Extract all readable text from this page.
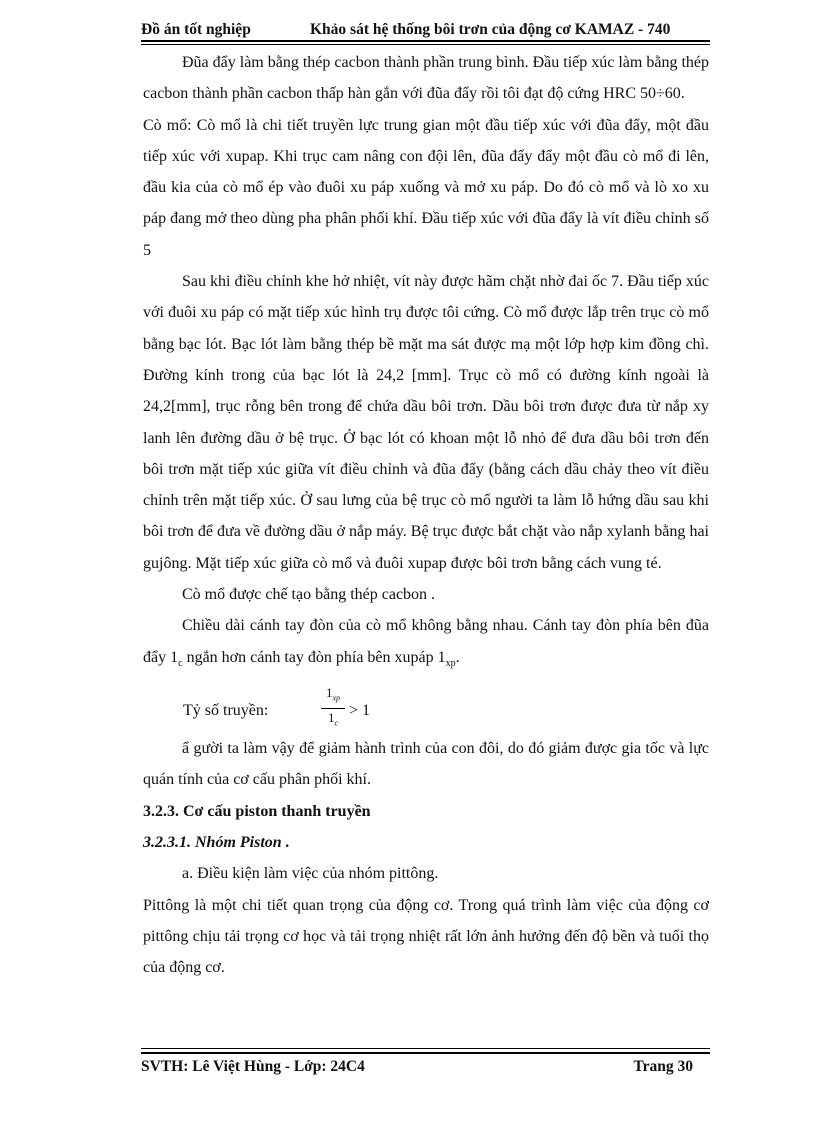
Đồ án tốt nghiệp	Khảo sát hệ thống bôi trơn của động cơ KAMAZ - 740

Đũa đẩy làm bằng thép cacbon thành phần trung bình. Đầu tiếp xúc làm bằng thép cacbon thành phần cacbon thấp hàn gắn với đũa đẩy rồi tôi đạt độ cứng HRC 50÷60.

Cò mổ: Cò mổ là chi tiết truyền lực trung gian một đầu tiếp xúc với đũa đẩy, một đầu tiếp xúc với xupap. Khi trục cam nâng con đội lên, đũa đẩy đẩy một đầu cò mổ đi lên, đầu kia của cò mổ ép vào đuôi xu páp xuống và mở xu páp. Do đó cò mổ và lò xo xu páp đang mở theo dùng pha phân phối khí. Đầu tiếp xúc với đũa đẩy là vít điều chỉnh số 5

Sau khi điều chỉnh khe hở nhiệt, vít này được hãm chặt nhờ đai ốc 7. Đầu tiếp xúc với đuôi xu páp có mặt tiếp xúc hình trụ được tôi cứng. Cò mổ được lắp trên trục cò mổ bằng bạc lót. Bạc lót làm bằng thép bề mặt ma sát được mạ một lớp hợp kim đồng chì. Đường kính trong của bạc lót là 24,2 [mm]. Trục cò mổ có đường kính ngoài là 24,2[mm], trục rỗng bên trong để chứa dầu bôi trơn. Dầu bôi trơn được đưa từ nắp xy lanh lên đường dầu ở bệ trục. Ở bạc lót có khoan một lỗ nhỏ để đưa dầu bôi trơn đến bôi trơn mặt tiếp xúc giữa vít điều chỉnh và đũa đẩy (bằng cách dầu chảy theo vít điều chỉnh trên mặt tiếp xúc. Ở sau lưng của bệ trục cò mổ người ta làm lỗ hứng dầu sau khi bôi trơn để đưa về đường dầu ở nắp máy. Bệ trục được bắt chặt vào nắp xylanh bằng hai gujông. Mặt tiếp xúc giữa cò mổ và đuôi xupap được bôi trơn bằng cách vung té.

Cò mổ được chế tạo bằng thép cacbon .

Chiều dài cánh tay đòn của cò mổ không bằng nhau. Cánh tay đòn phía bên đũa đẩy $1_c$ ngắn hơn cánh tay đòn phía bên xupáp $1_{xp}$.

Tỷ số truyền:	$\frac{1_{xp}}{1_c} > 1$

ẩ gười ta làm vậy để giảm hành trình của con đôi, do đó giảm được gia tốc và lực quán tính của cơ cấu phân phối khí.

3.2.3. Cơ cấu piston thanh truyền

3.2.3.1. Nhóm Piston .

a. Điều kiện làm việc của nhóm pittông.

Pittông là một chi tiết quan trọng của động cơ. Trong quá trình làm việc của động cơ pittông chịu tải trọng cơ học và tải trọng nhiệt rất lớn ảnh hưởng đến độ bền và tuổi thọ của động cơ.

SVTH: Lê Việt Hùng - Lớp: 24C4	Trang 30
